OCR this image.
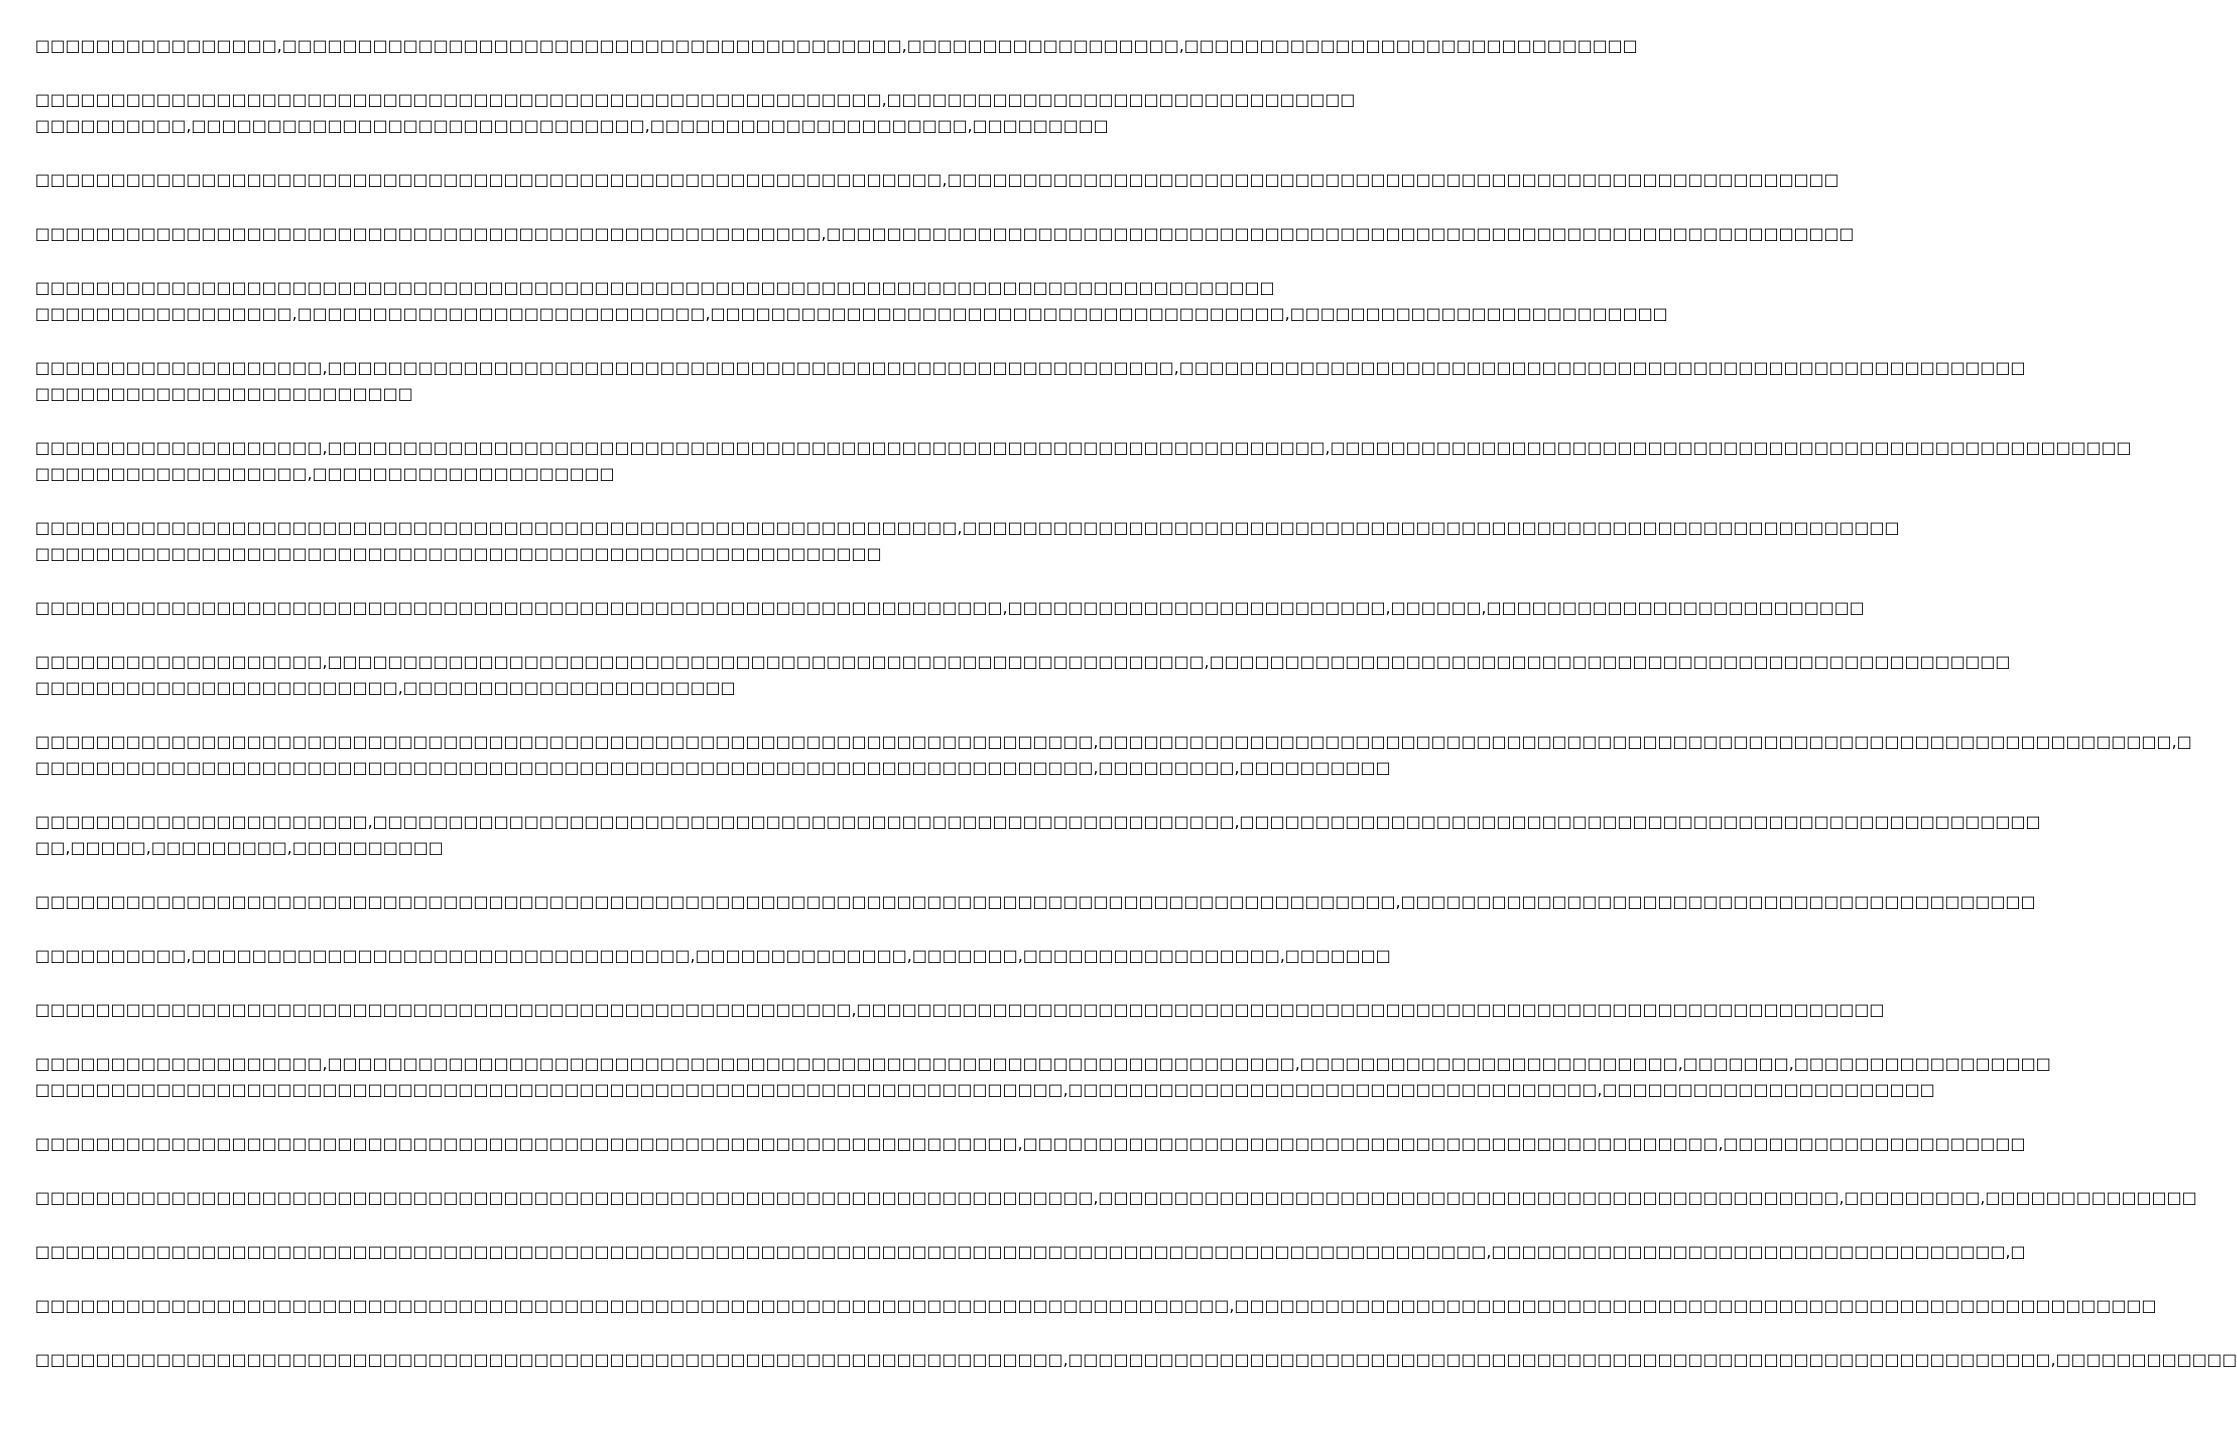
□□□□□□□□□□□□□□□□,□□□□□□□□□□□□□□□□□□□□□□□□□□□□□□□□□□□□□□□□□,□□□□□□□□□□□□□□□□□□,□□□□□□□□□□□□□□□□□□□□□□□□□□□□□□
□□□□□□□□□□□□□□□□□□□□□□□□□□□□□□□□□□□□□□□□□□□□□□□□□□□□□□□□,□□□□□□□□□□□□□□□□□□□□□□□□□□□□□□□
□□□□□□□□□□,□□□□□□□□□□□□□□□□□□□□□□□□□□□□□□,□□□□□□□□□□□□□□□□□□□□□,□□□□□□□□□
□□□□□□□□□□□□□□□□□□□□□□□□□□□□□□□□□□□□□□□□□□□□□□□□□□□□□□□□□□□□,□□□□□□□□□□□□□□□□□□□□□□□□□□□□□□□□□□□□□□□□□□□□□□□□□□□□□□□□□□□
□□□□□□□□□□□□□□□□□□□□□□□□□□□□□□□□□□□□□□□□□□□□□□□□□□□□,□□□□□□□□□□□□□□□□□□□□□□□□□□□□□□□□□□□□□□□□□□□□□□□□□□□□□□□□□□□□□□□□□□□□
□□□□□□□□□□□□□□□□□□□□□□□□□□□□□□□□□□□□□□□□□□□□□□□□□□□□□□□□□□□□□□□□□□□□□□□□□□□□□□□□□□
□□□□□□□□□□□□□□□□□,□□□□□□□□□□□□□□□□□□□□□□□□□□□,□□□□□□□□□□□□□□□□□□□□□□□□□□□□□□□□□□□□□□,□□□□□□□□□□□□□□□□□□□□□□□□□
□□□□□□□□□□□□□□□□□□□,□□□□□□□□□□□□□□□□□□□□□□□□□□□□□□□□□□□□□□□□□□□□□□□□□□□□□□□□,□□□□□□□□□□□□□□□□□□□□□□□□□□□□□□□□□□□□□□□□□□□□□□□□□□□□□□□□
□□□□□□□□□□□□□□□□□□□□□□□□□
□□□□□□□□□□□□□□□□□□□,□□□□□□□□□□□□□□□□□□□□□□□□□□□□□□□□□□□□□□□□□□□□□□□□□□□□□□□□□□□□□□□□□□,□□□□□□□□□□□□□□□□□□□□□□□□□□□□□□□□□□□□□□□□□□□□□□□□□□□□□
□□□□□□□□□□□□□□□□□□,□□□□□□□□□□□□□□□□□□□□
□□□□□□□□□□□□□□□□□□□□□□□□□□□□□□□□□□□□□□□□□□□□□□□□□□□□□□□□□□□□□,□□□□□□□□□□□□□□□□□□□□□□□□□□□□□□□□□□□□□□□□□□□□□□□□□□□□□□□□□□□□□□
□□□□□□□□□□□□□□□□□□□□□□□□□□□□□□□□□□□□□□□□□□□□□□□□□□□□□□□□
□□□□□□□□□□□□□□□□□□□□□□□□□□□□□□□□□□□□□□□□□□□□□□□□□□□□□□□□□□□□□□□□,□□□□□□□□□□□□□□□□□□□□□□□□□,□□□□□□,□□□□□□□□□□□□□□□□□□□□□□□□□
□□□□□□□□□□□□□□□□□□□,□□□□□□□□□□□□□□□□□□□□□□□□□□□□□□□□□□□□□□□□□□□□□□□□□□□□□□□□□□,□□□□□□□□□□□□□□□□□□□□□□□□□□□□□□□□□□□□□□□□□□□□□□□□□□□□□
□□□□□□□□□□□□□□□□□□□□□□□□,□□□□□□□□□□□□□□□□□□□□□□
□□□□□□□□□□□□□□□□□□□□□□□□□□□□□□□□□□□□□□□□□□□□□□□□□□□□□□□□□□□□□□□□□□□□□□,□□□□□□□□□□□□□□□□□□□□□□□□□□□□□□□□□□□□□□□□□□□□□□□□□□□□□□□□□□□□□□□□□□□□□□□,□
□□□□□□□□□□□□□□□□□□□□□□□□□□□□□□□□□□□□□□□□□□□□□□□□□□□□□□□□□□□□□□□□□□□□□□,□□□□□□□□□,□□□□□□□□□□
□□□□□□□□□□□□□□□□□□□□□□,□□□□□□□□□□□□□□□□□□□□□□□□□□□□□□□□□□□□□□□□□□□□□□□□□□□□□□□□□,□□□□□□□□□□□□□□□□□□□□□□□□□□□□□□□□□□□□□□□□□□□□□□□□□□□□□
□□,□□□□□,□□□□□□□□□,□□□□□□□□□□
□□□□□□□□□□□□□□□□□□□□□□□□□□□□□□□□□□□□□□□□□□□□□□□□□□□□□□□□□□□□□□□□□□□□□□□□□□□□□□□□□□□□□□□□□□,□□□□□□□□□□□□□□□□□□□□□□□□□□□□□□□□□□□□□□□□□□
□□□□□□□□□□,□□□□□□□□□□□□□□□□□□□□□□□□□□□□□□□□□,□□□□□□□□□□□□□□,□□□□□□□,□□□□□□□□□□□□□□□□□,□□□□□□□
□□□□□□□□□□□□□□□□□□□□□□□□□□□□□□□□□□□□□□□□□□□□□□□□□□□□□□,□□□□□□□□□□□□□□□□□□□□□□□□□□□□□□□□□□□□□□□□□□□□□□□□□□□□□□□□□□□□□□□□□□□□
□□□□□□□□□□□□□□□□□□□,□□□□□□□□□□□□□□□□□□□□□□□□□□□□□□□□□□□□□□□□□□□□□□□□□□□□□□□□□□□□□□□□,□□□□□□□□□□□□□□□□□□□□□□□□□,□□□□□□□,□□□□□□□□□□□□□□□□□
□□□□□□□□□□□□□□□□□□□□□□□□□□□□□□□□□□□□□□□□□□□□□□□□□□□□□□□□□□□□□□□□□□□□,□□□□□□□□□□□□□□□□□□□□□□□□□□□□□□□□□□□,□□□□□□□□□□□□□□□□□□□□□□
□□□□□□□□□□□□□□□□□□□□□□□□□□□□□□□□□□□□□□□□□□□□□□□□□□□□□□□□□□□□□□□□□,□□□□□□□□□□□□□□□□□□□□□□□□□□□□□□□□□□□□□□□□□□□□□□,□□□□□□□□□□□□□□□□□□□□
□□□□□□□□□□□□□□□□□□□□□□□□□□□□□□□□□□□□□□□□□□□□□□□□□□□□□□□□□□□□□□□□□□□□□□,□□□□□□□□□□□□□□□□□□□□□□□□□□□□□□□□□□□□□□□□□□□□□□□□□,□□□□□□□□□,□□□□□□□□□□□□□□
□□□□□□□□□□□□□□□□□□□□□□□□□□□□□□□□□□□□□□□□□□□□□□□□□□□□□□□□□□□□□□□□□□□□□□□□□□□□□□□□□□□□□□□□□□□□□□□□,□□□□□□□□□□□□□□□□□□□□□□□□□□□□□□□□□□,□
□□□□□□□□□□□□□□□□□□□□□□□□□□□□□□□□□□□□□□□□□□□□□□□□□□□□□□□□□□□□□□□□□□□□□□□□□□□□□□□,□□□□□□□□□□□□□□□□□□□□□□□□□□□□□□□□□□□□□□□□□□□□□□□□□□□□□□□□□□□□□
□□□□□□□□□□□□□□□□□□□□□□□□□□□□□□□□□□□□□□□□□□□□□□□□□□□□□□□□□□□□□□□□□□□□,□□□□□□□□□□□□□□□□□□□□□□□□□□□□□□□□□□□□□□□□□□□□□□□□□□□□□□□□□□□□□□□□□,□□□□□□□□□□□□
